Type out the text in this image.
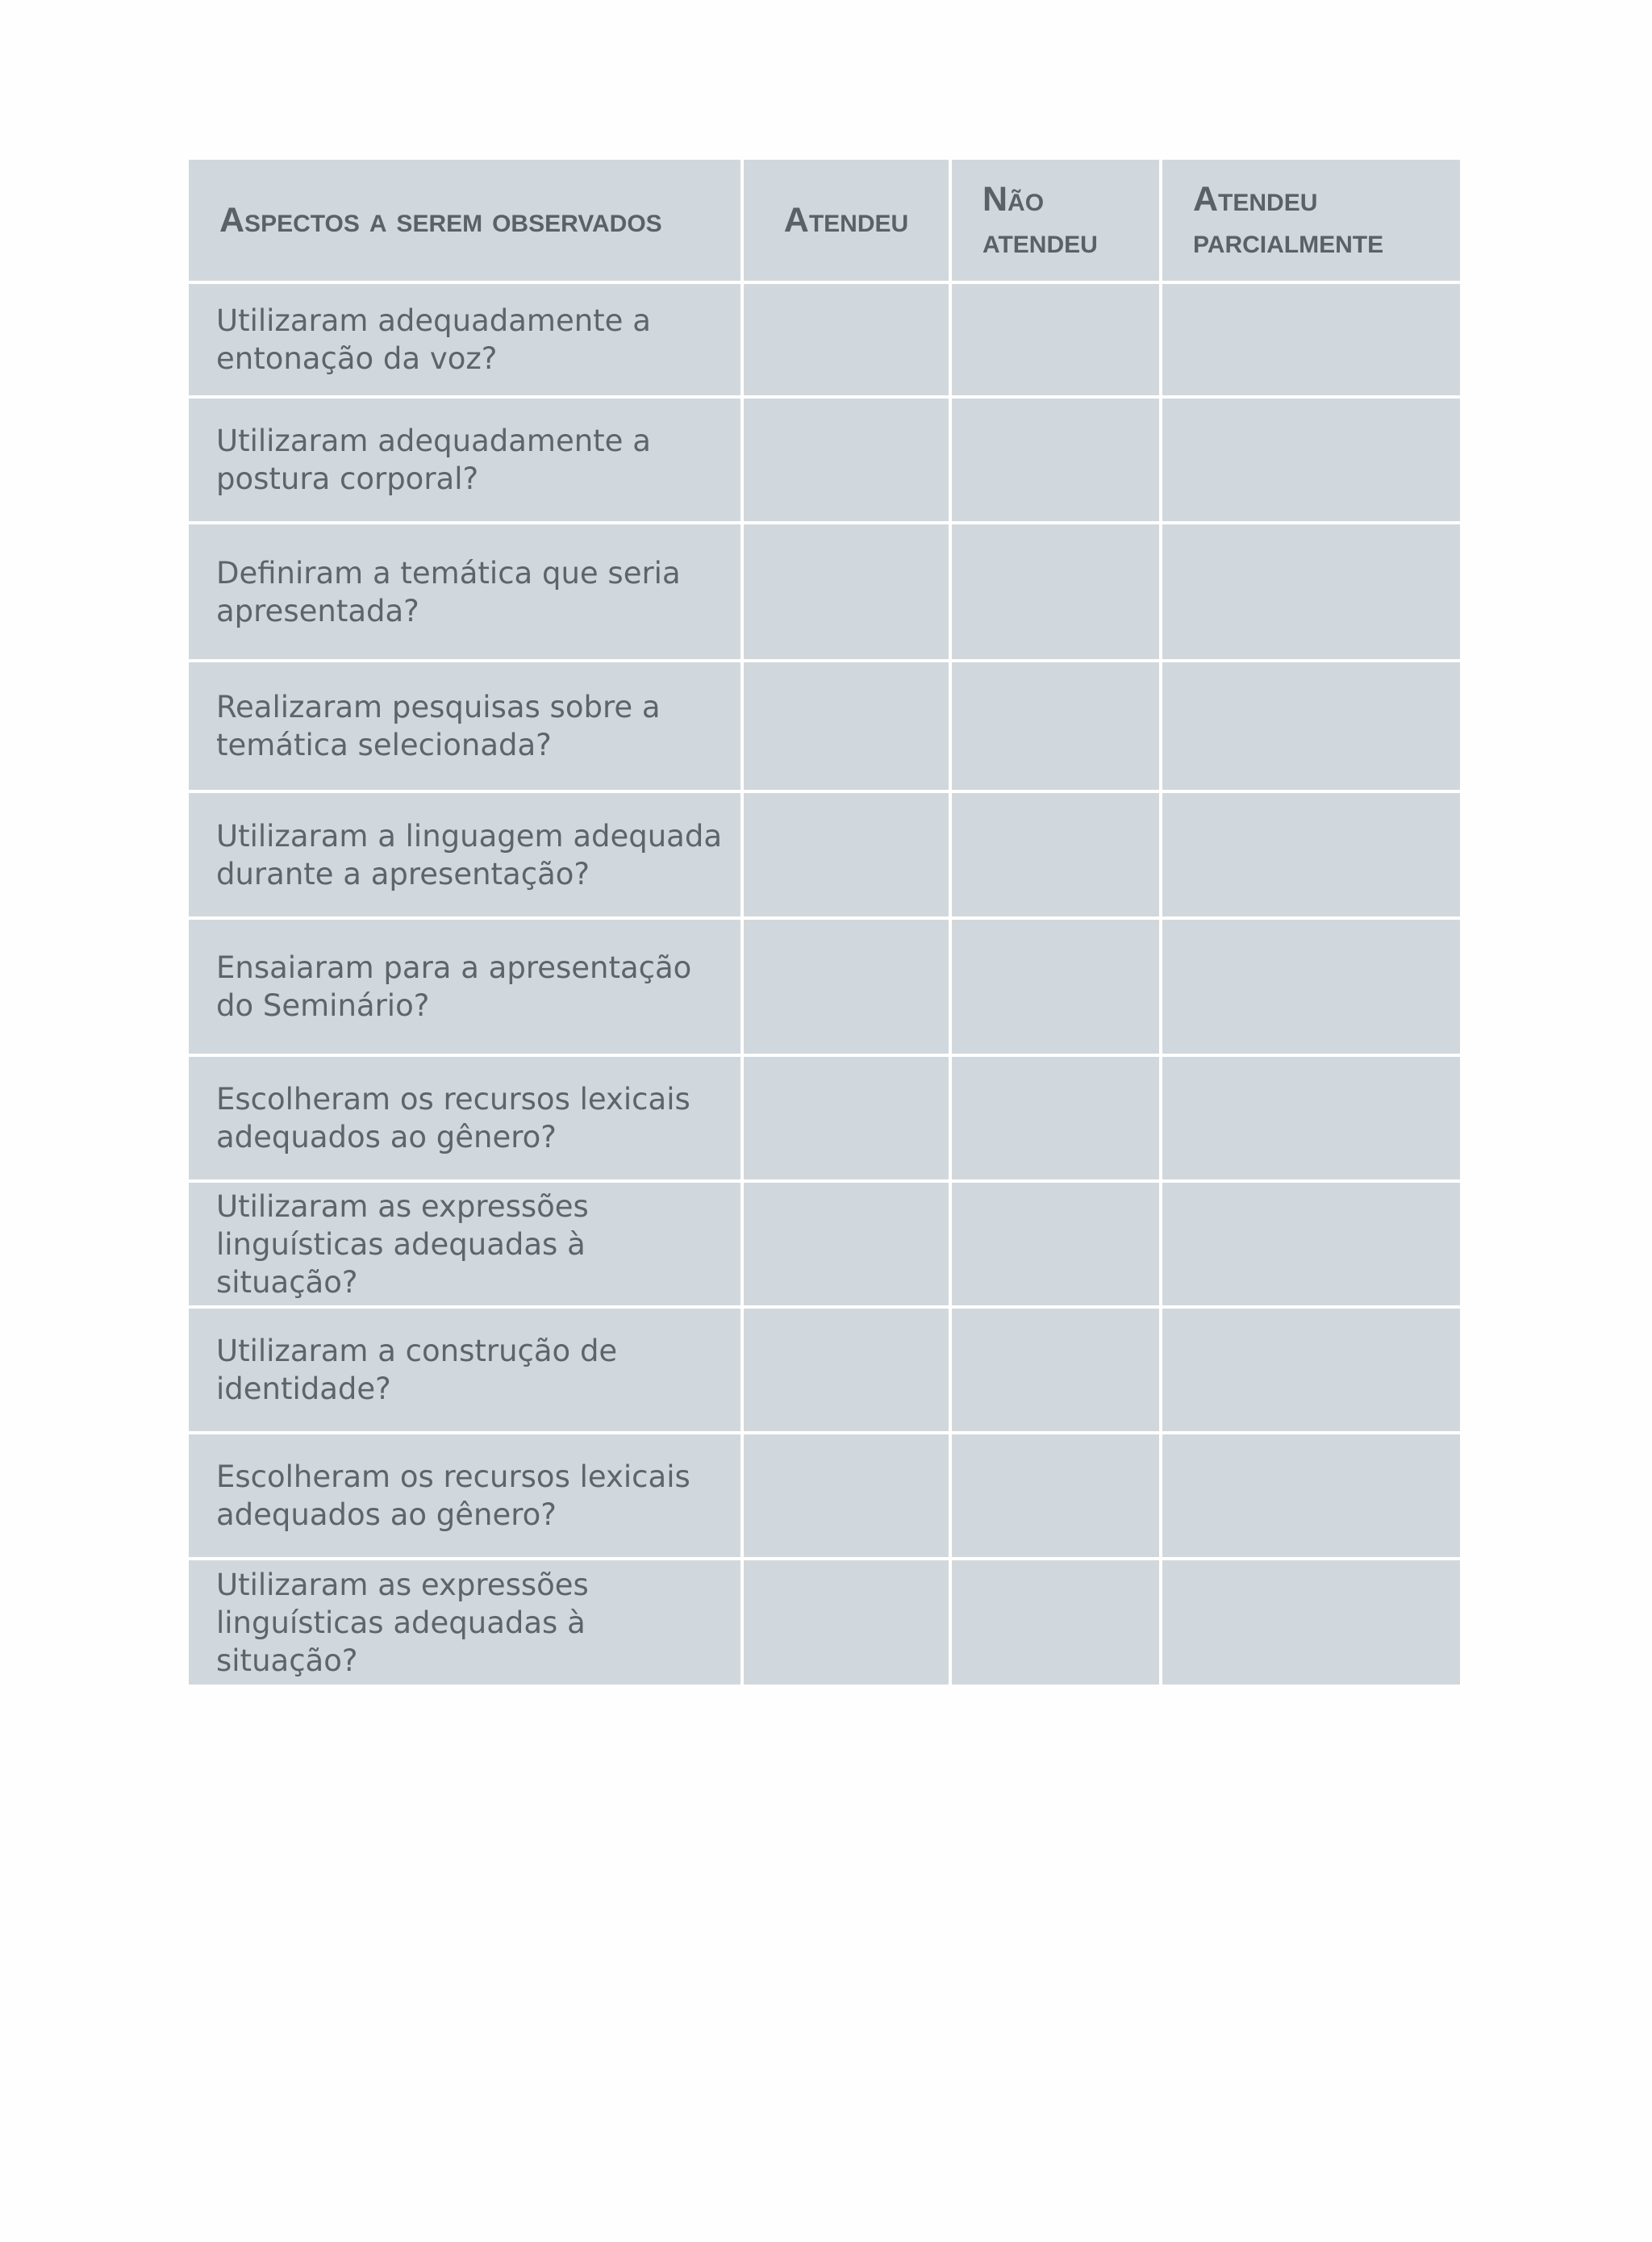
Aspectos a serem observados	Atendeu	Não atendeu	Atendeu parcialmente
Utilizaram adequadamente a entonação da voz?			
Utilizaram adequadamente a postura corporal?			
Definiram a temática que seria apresentada?			
Realizaram pesquisas sobre a temática selecionada?			
Utilizaram a linguagem adequada durante a apresentação?			
Ensaiaram para a apresentação do Seminário?			
Escolheram os recursos lexicais adequados ao gênero?			
Utilizaram as expressões linguísticas adequadas à situação?			
Utilizaram a construção de identidade?			
Escolheram os recursos lexicais adequados ao gênero?			
Utilizaram as expressões linguísticas adequadas à situação?			
